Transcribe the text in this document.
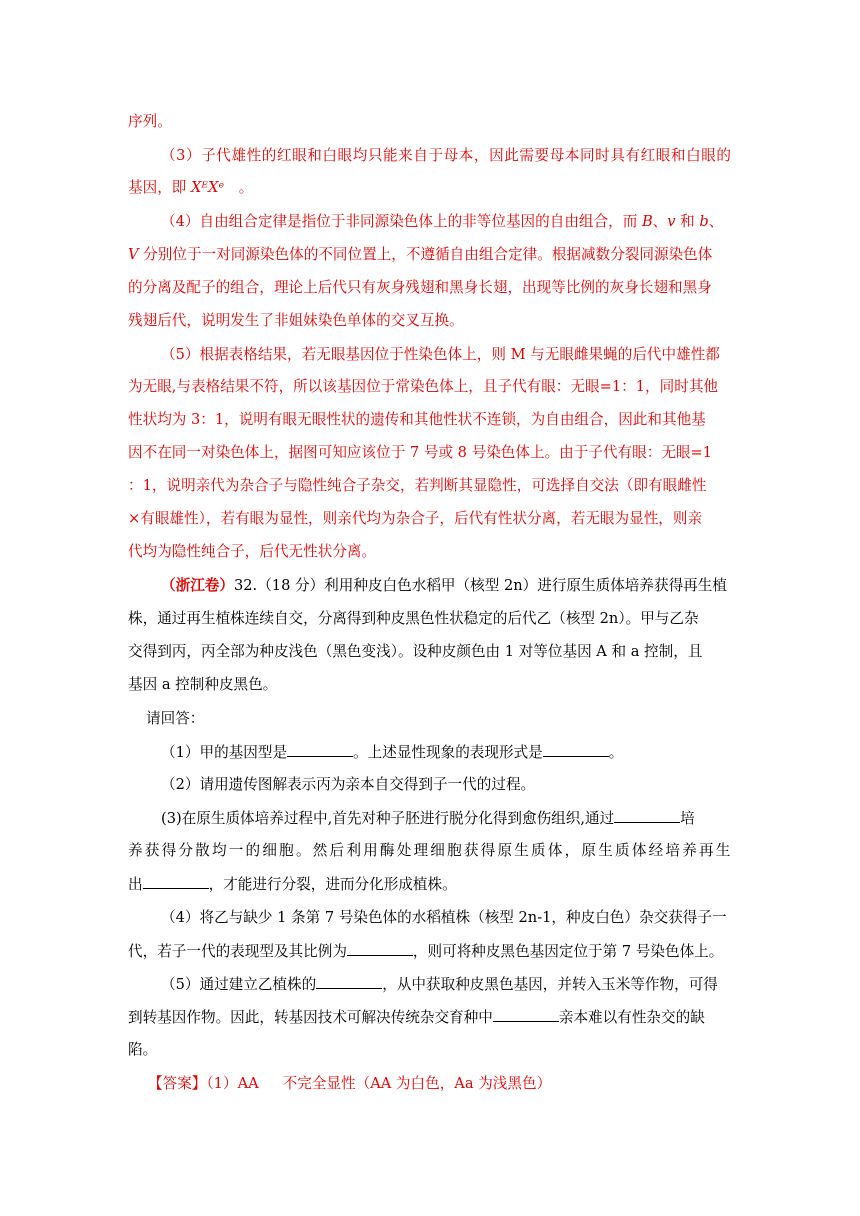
序列。
（3）子代雄性的红眼和白眼均只能来自于母本，因此需要母本同时具有红眼和白眼的
基因，即 XᴱXᵉ　。
（4）自由组合定律是指位于非同源染色体上的非等位基因的自由组合，而 B、v 和 b、
V 分别位于一对同源染色体的不同位置上，不遵循自由组合定律。根据减数分裂同源染色体
的分离及配子的组合，理论上后代只有灰身残翅和黑身长翅，出现等比例的灰身长翅和黑身
残翅后代，说明发生了非姐妹染色单体的交叉互换。
（5）根据表格结果，若无眼基因位于性染色体上，则 M 与无眼雌果蝇的后代中雄性都
为无眼,与表格结果不符，所以该基因位于常染色体上，且子代有眼：无眼=1：1，同时其他
性状均为 3：1，说明有眼无眼性状的遗传和其他性状不连锁，为自由组合，因此和其他基
因不在同一对染色体上，据图可知应该位于 7 号或 8 号染色体上。由于子代有眼：无眼=1
：1，说明亲代为杂合子与隐性纯合子杂交，若判断其显隐性，可选择自交法（即有眼雌性
×有眼雄性），若有眼为显性，则亲代均为杂合子，后代有性状分离，若无眼为显性，则亲
代均为隐性纯合子，后代无性状分离。
（浙江卷）32.（18 分）利用种皮白色水稻甲（核型 2n）进行原生质体培养获得再生植
株，通过再生植株连续自交，分离得到种皮黑色性状稳定的后代乙（核型 2n）。甲与乙杂
交得到丙，丙全部为种皮浅色（黑色变浅）。设种皮颜色由 1 对等位基因 A 和 a 控制，且
基因 a 控制种皮黑色。
请回答：
（1）甲的基因型是	。上述显性现象的表现形式是	。
（2）请用遗传图解表示丙为亲本自交得到子一代的过程。
(3)在原生质体培养过程中,首先对种子胚进行脱分化得到愈伤组织,通过	培
养获得分散均一的细胞。然后利用酶处理细胞获得原生质体，原生质体经培养再生
出	，才能进行分裂，进而分化形成植株。
（4）将乙与缺少 1 条第 7 号染色体的水稻植株（核型 2n-1，种皮白色）杂交获得子一
代，若子一代的表现型及其比例为	，则可将种皮黑色基因定位于第 7 号染色体上。
（5）通过建立乙植株的	，从中获取种皮黑色基因，并转入玉米等作物，可得
到转基因作物。因此，转基因技术可解决传统杂交育种中	亲本难以有性杂交的缺
陷。
【答案】（1）AA 不完全显性（AA 为白色，Aa 为浅黑色）
